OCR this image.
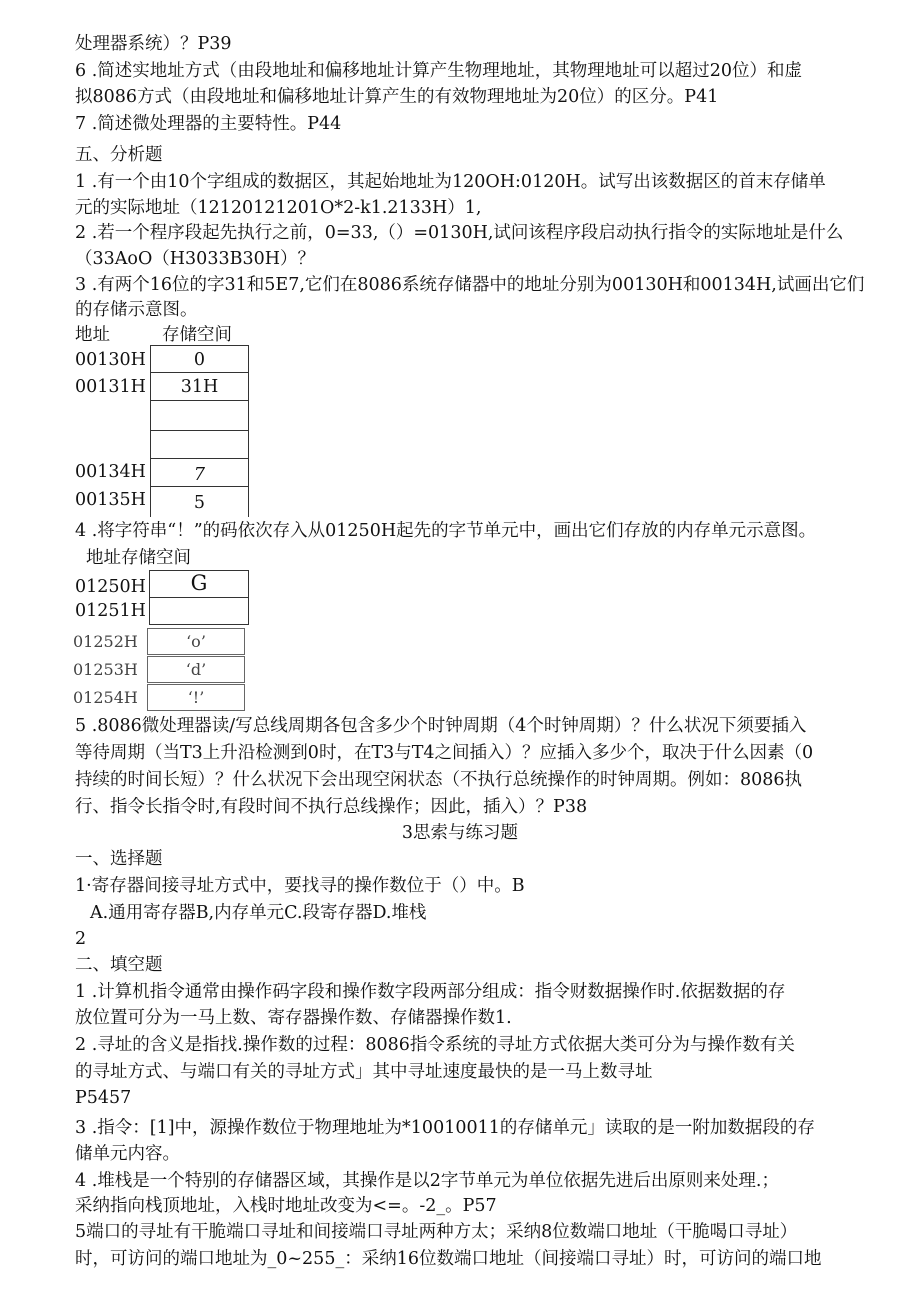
处理器系统）？P39
6 .简述实地址方式（由段地址和偏移地址计算产生物理地址，其物理地址可以超过20位）和虚
拟8086方式（由段地址和偏移地址计算产生的有效物理地址为20位）的区分。P41
7 .简述微处理器的主要特性。P44
五、分析题
1 .有一个由10个字组成的数据区，其起始地址为120OH:0120H。试写出该数据区的首末存储单
元的实际地址（12120121201O*2-k1.2133H）1,
2 .若一个程序段起先执行之前，0=33,（）=0130H,试问该程序段启动执行指令的实际地址是什么
（33AoO（H3033B30H）？
3 .有两个16位的字31和5E7,它们在8086系统存储器中的地址分别为00130H和00134H,试画出它们
的存储示意图。
地址	存储空间
00130H	0
00131H	31H
00134H	7
00135H	5
4 .将字符串“！”的码依次存入从01250H起先的字节单元中，画出它们存放的内存单元示意图。
地址存储空间
01250H	G
01251H
01252H	‘o’
01253H	‘d’
01254H	‘!’
5 .8086微处理器读/写总线周期各包含多少个时钟周期（4个时钟周期）？什么状况下须要插入
等待周期（当T3上升沿检测到0时，在T3与T4之间插入）？应插入多少个，取决于什么因素（0
持续的时间长短）？什么状况下会出现空闲状态（不执行总统操作的时钟周期。例如：8086执
行、指令长指令时,有段时间不执行总线操作；因此，插入）？P38
3思索与练习题
一、选择题
1·寄存器间接寻址方式中，要找寻的操作数位于（）中。B
A.通用寄存器B,内存单元C.段寄存器D.堆栈
2
二、填空题
1 .计算机指令通常由操作码字段和操作数字段两部分组成：指令财数据操作时.依据数据的存
放位置可分为一马上数、寄存器操作数、存储器操作数1.
2 .寻址的含义是指找.操作数的过程：8086指令系统的寻址方式依据大类可分为与操作数有关
的寻址方式、与端口有关的寻址方式」其中寻址速度最快的是一马上数寻址
P5457
3 .指令：[1]中，源操作数位于物理地址为*10010011的存储单元」读取的是一附加数据段的存
储单元内容。
4 .堆栈是一个特别的存储器区域，其操作是以2字节单元为单位依据先进后出原则来处理.；
采纳指向栈顶地址，入栈时地址改变为<=。-2_。P57
5端口的寻址有干脆端口寻址和间接端口寻址两种方太；采纳8位数端口地址（干脆喝口寻址）
时，可访问的端口地址为_0~255_：采纳16位数端口地址（间接端口寻址）时，可访问的端口地
